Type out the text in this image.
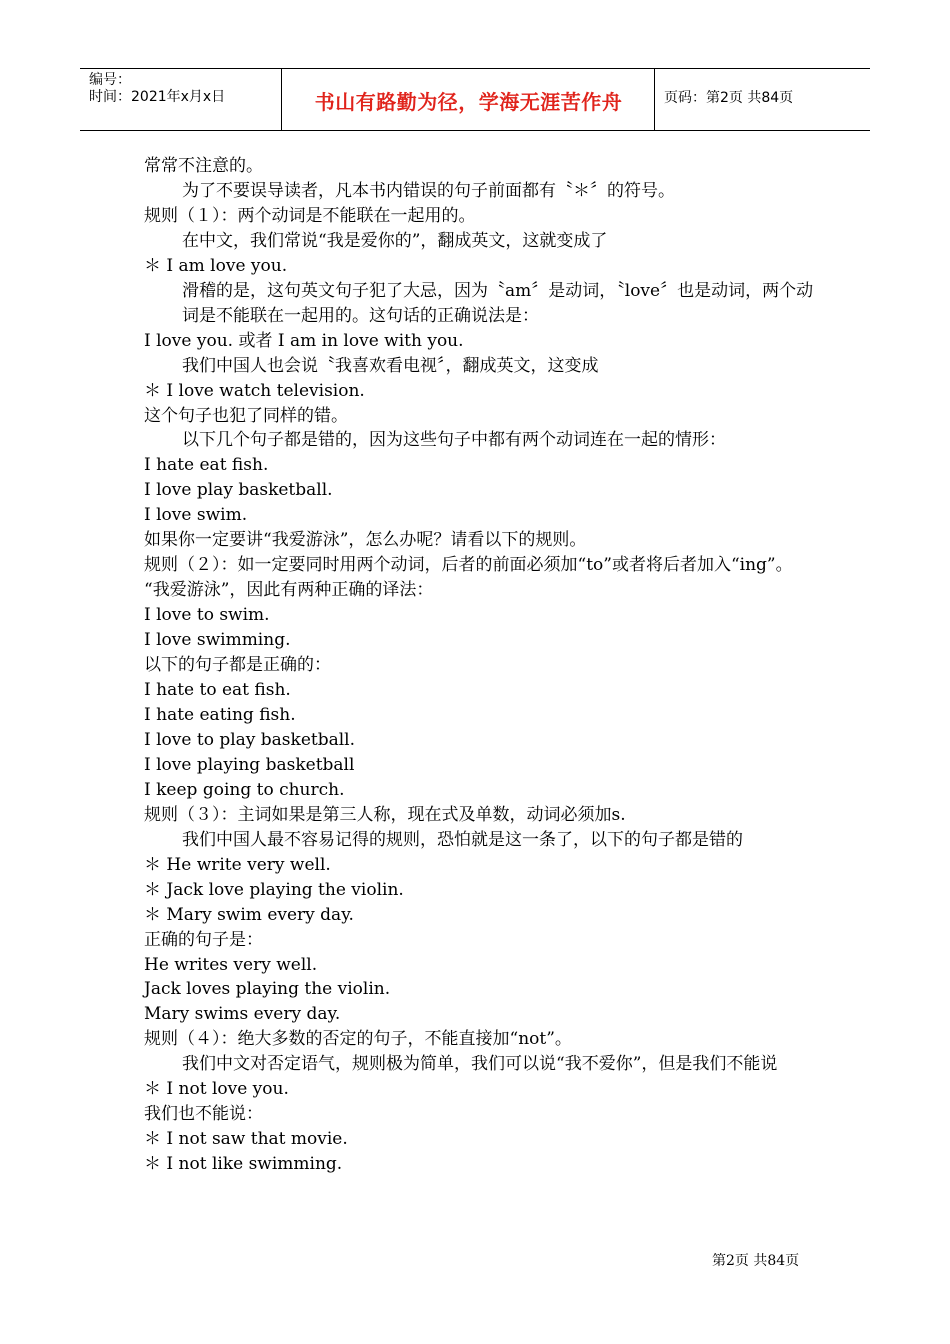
编号：
时间：2021年x月x日	书山有路勤为径，学海无涯苦作舟	页码：第2页 共84页

常常不注意的。

为了不要误导读者，凡本书内错误的句子前面都有〝＊〞的符号。

规则（１）：两个动词是不能联在一起用的。

在中文，我们常说“我是爱你的”，翻成英文，这就变成了

＊ I am love you.

滑稽的是，这句英文句子犯了大忌，因为〝am〞是动词，〝love〞也是动词，两个动词是不能联在一起用的。这句话的正确说法是：

I love you. 或者 I am in love with you.

我们中国人也会说〝我喜欢看电视〞，翻成英文，这变成

＊ I love watch television.

这个句子也犯了同样的错。

以下几个句子都是错的，因为这些句子中都有两个动词连在一起的情形：

I hate eat fish.

I love play basketball.

I love swim.

如果你一定要讲“我爱游泳”，怎么办呢？请看以下的规则。

规则（２）：如一定要同时用两个动词，后者的前面必须加“to”或者将后者加入“ing”。

“我爱游泳”，因此有两种正确的译法：

I love to swim.

I love swimming.

以下的句子都是正确的：

I hate to eat fish.

I hate eating fish.

I love to play basketball.

I love playing basketball

I keep going to church.

规则（３）：主词如果是第三人称，现在式及单数，动词必须加s.

我们中国人最不容易记得的规则，恐怕就是这一条了，以下的句子都是错的

＊ He write very well.

＊ Jack love playing the violin.

＊ Mary swim every day.

正确的句子是：

He writes very well.

Jack loves playing the violin.

Mary swims every day.

规则（４）：绝大多数的否定的句子，不能直接加“not”。

我们中文对否定语气，规则极为简单，我们可以说“我不爱你”，但是我们不能说

＊ I not love you.

我们也不能说：

＊ I not saw that movie.

＊ I not like swimming.

第2页 共84页
